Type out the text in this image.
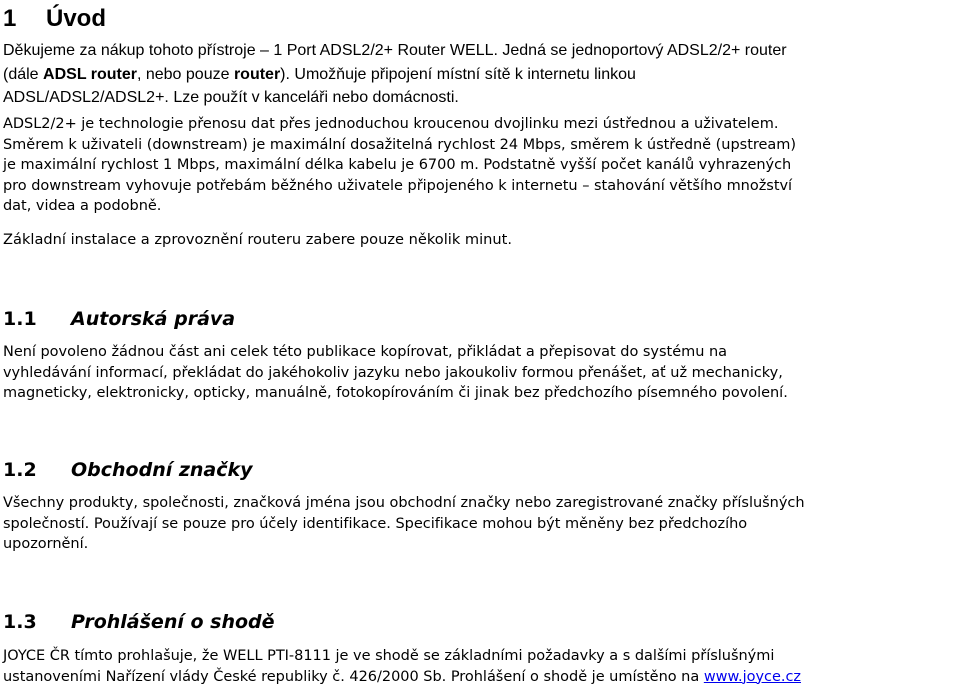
1 Úvod

Děkujeme za nákup tohoto přístroje – 1 Port ADSL2/2+ Router WELL. Jedná se jednoportový ADSL2/2+ router
(dále ADSL router, nebo pouze router). Umožňuje připojení místní sítě k internetu linkou
ADSL/ADSL2/ADSL2+. Lze použít v kanceláři nebo domácnosti.

ADSL2/2+ je technologie přenosu dat přes jednoduchou kroucenou dvojlinku mezi ústřednou a uživatelem.
Směrem k uživateli (downstream) je maximální dosažitelná rychlost 24 Mbps, směrem k ústředně (upstream)
je maximální rychlost 1 Mbps, maximální délka kabelu je 6700 m. Podstatně vyšší počet kanálů vyhrazených
pro downstream vyhovuje potřebám běžného uživatele připojeného k internetu – stahování většího množství
dat, videa a podobně.

Základní instalace a zprovoznění routeru zabere pouze několik minut.

1.1 Autorská práva

Není povoleno žádnou část ani celek této publikace kopírovat, přikládat a přepisovat do systému na
vyhledávání informací, překládat do jakéhokoliv jazyku nebo jakoukoliv formou přenášet, ať už mechanicky,
magneticky, elektronicky, opticky, manuálně, fotokopírováním či jinak bez předchozího písemného povolení.

1.2 Obchodní značky

Všechny produkty, společnosti, značková jména jsou obchodní značky nebo zaregistrované značky příslušných
společností. Používají se pouze pro účely identifikace. Specifikace mohou být měněny bez předchozího
upozornění.

1.3 Prohlášení o shodě

JOYCE ČR tímto prohlašuje, že WELL PTI-8111 je ve shodě se základními požadavky a s dalšími příslušnými
ustanoveními Nařízení vlády České republiky č. 426/2000 Sb. Prohlášení o shodě je umístěno na www.joyce.cz
